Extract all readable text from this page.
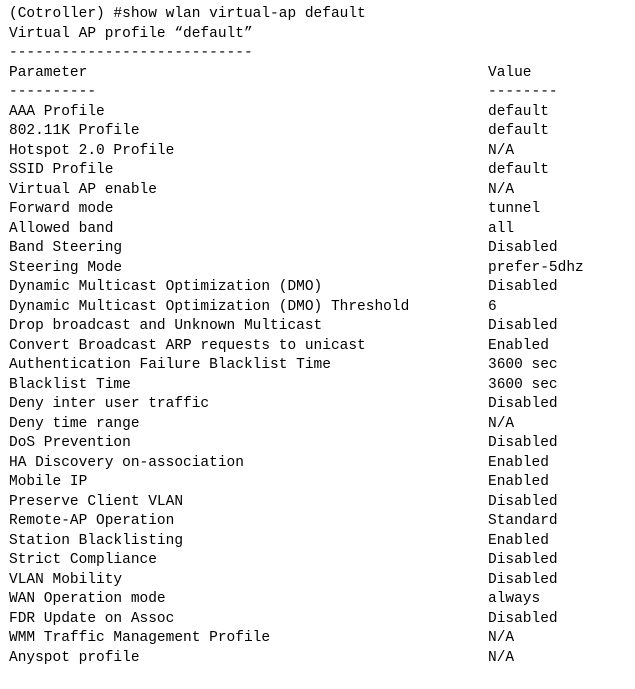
(Cotroller) #show wlan virtual-ap default
Virtual AP profile “default”
----------------------------
Parameter	Value
----------	--------
AAA Profile	default
802.11K Profile	default
Hotspot 2.0 Profile	N/A
SSID Profile	default
Virtual AP enable	N/A
Forward mode	tunnel
Allowed band	all
Band Steering	Disabled
Steering Mode	prefer-5dhz
Dynamic Multicast Optimization (DMO)	Disabled
Dynamic Multicast Optimization (DMO) Threshold	6
Drop broadcast and Unknown Multicast	Disabled
Convert Broadcast ARP requests to unicast	Enabled
Authentication Failure Blacklist Time	3600 sec
Blacklist Time	3600 sec
Deny inter user traffic	Disabled
Deny time range	N/A
DoS Prevention	Disabled
HA Discovery on-association	Enabled
Mobile IP	Enabled
Preserve Client VLAN	Disabled
Remote-AP Operation	Standard
Station Blacklisting	Enabled
Strict Compliance	Disabled
VLAN Mobility	Disabled
WAN Operation mode	always
FDR Update on Assoc	Disabled
WMM Traffic Management Profile	N/A
Anyspot profile	N/A
